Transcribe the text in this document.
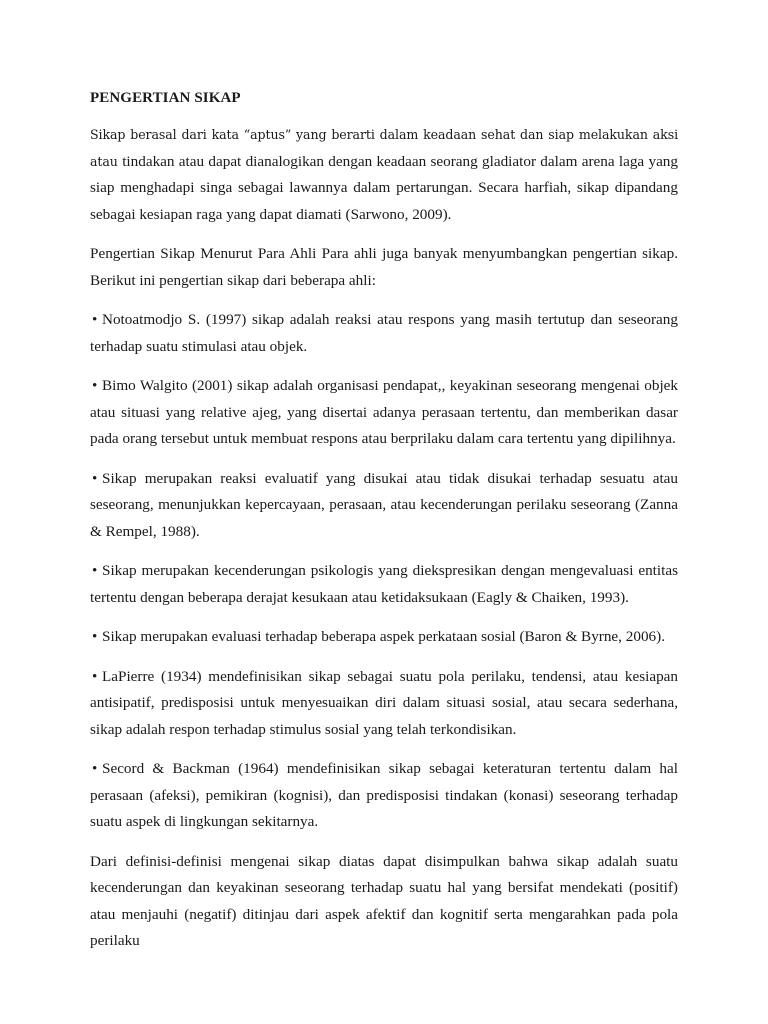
PENGERTIAN SIKAP

Sikap berasal dari kata “aptus” yang berarti dalam keadaan sehat dan siap melakukan aksi atau tindakan atau dapat dianalogikan dengan keadaan seorang gladiator dalam arena laga yang siap menghadapi singa sebagai lawannya dalam pertarungan. Secara harfiah, sikap dipandang sebagai kesiapan raga yang dapat diamati (Sarwono, 2009).

Pengertian Sikap Menurut Para Ahli Para ahli juga banyak menyumbangkan pengertian sikap. Berikut ini pengertian sikap dari beberapa ahli:

• Notoatmodjo S. (1997) sikap adalah reaksi atau respons yang masih tertutup dan seseorang terhadap suatu stimulasi atau objek.

• Bimo Walgito (2001) sikap adalah organisasi pendapat,, keyakinan seseorang mengenai objek atau situasi yang relative ajeg, yang disertai adanya perasaan tertentu, dan memberikan dasar pada orang tersebut untuk membuat respons atau berprilaku dalam cara tertentu yang dipilihnya.

• Sikap merupakan reaksi evaluatif yang disukai atau tidak disukai terhadap sesuatu atau seseorang, menunjukkan kepercayaan, perasaan, atau kecenderungan perilaku seseorang (Zanna & Rempel, 1988).

• Sikap merupakan kecenderungan psikologis yang diekspresikan dengan mengevaluasi entitas tertentu dengan beberapa derajat kesukaan atau ketidaksukaan (Eagly & Chaiken, 1993).

• Sikap merupakan evaluasi terhadap beberapa aspek perkataan sosial (Baron & Byrne, 2006).

• LaPierre (1934) mendefinisikan sikap sebagai suatu pola perilaku, tendensi, atau kesiapan antisipatif, predisposisi untuk menyesuaikan diri dalam situasi sosial, atau secara sederhana, sikap adalah respon terhadap stimulus sosial yang telah terkondisikan.

• Secord & Backman (1964) mendefinisikan sikap sebagai keteraturan tertentu dalam hal perasaan (afeksi), pemikiran (kognisi), dan predisposisi tindakan (konasi) seseorang terhadap suatu aspek di lingkungan sekitarnya.

Dari definisi-definisi mengenai sikap diatas dapat disimpulkan bahwa sikap adalah suatu kecenderungan dan keyakinan seseorang terhadap suatu hal yang bersifat mendekati (positif) atau menjauhi (negatif) ditinjau dari aspek afektif dan kognitif serta mengarahkan pada pola perilaku
